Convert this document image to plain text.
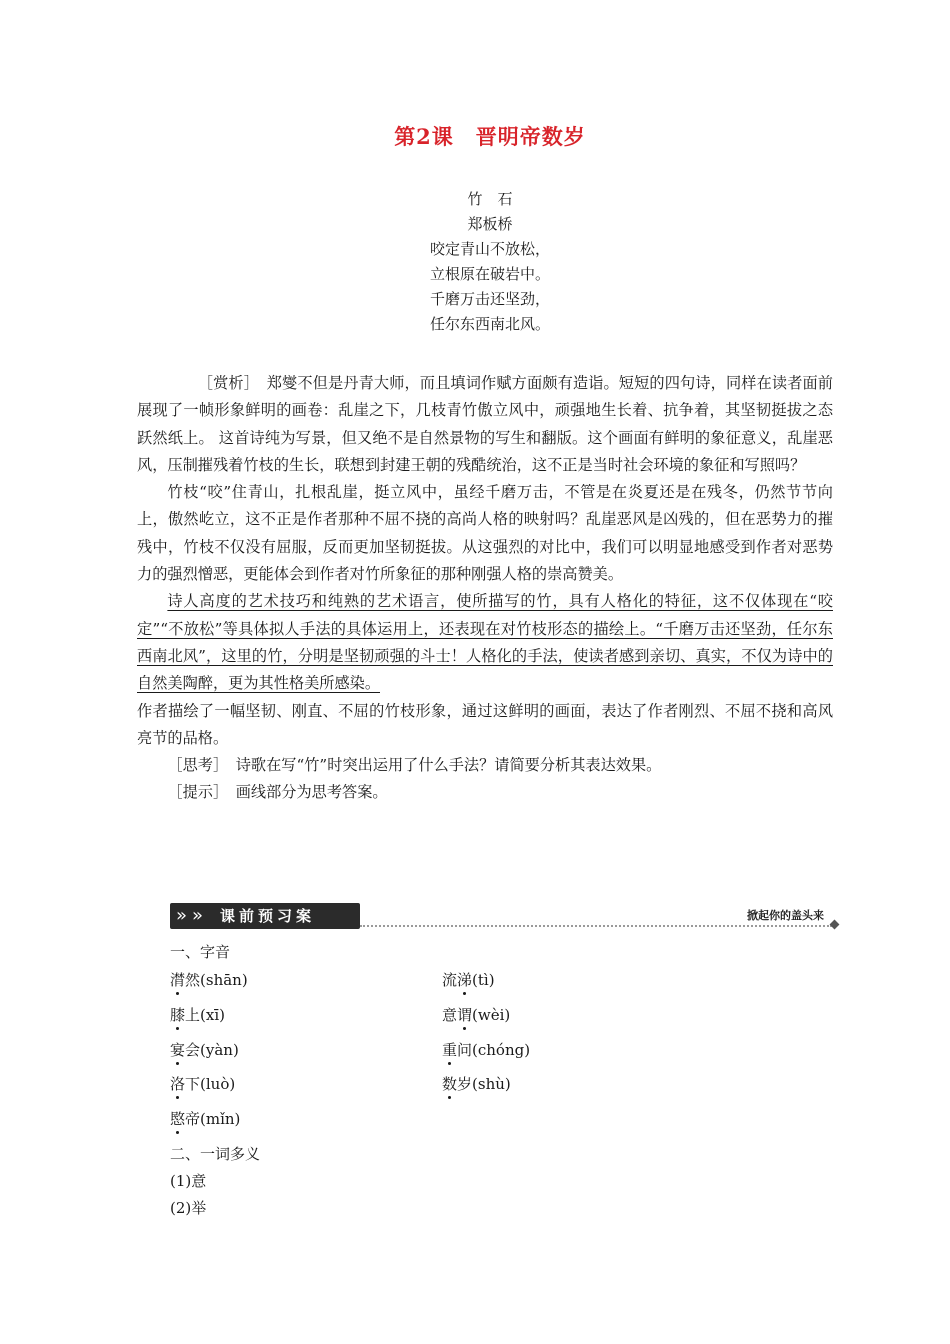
第2课　晋明帝数岁
竹　石
郑板桥
咬定青山不放松，
立根原在破岩中。
千磨万击还坚劲，
任尔东西南北风。

［赏析］　郑燮不但是丹青大师，而且填词作赋方面颇有造诣。短短的四句诗，同样在读者面前展现了一帧形象鲜明的画卷：乱崖之下，几枝青竹傲立风中，顽强地生长着、抗争着，其坚韧挺拔之态跃然纸上。 这首诗纯为写景，但又绝不是自然景物的写生和翻版。这个画面有鲜明的象征意义，乱崖恶风，压制摧残着竹枝的生长，联想到封建王朝的残酷统治，这不正是当时社会环境的象征和写照吗？

竹枝“咬”住青山，扎根乱崖，挺立风中，虽经千磨万击，不管是在炎夏还是在残冬，仍然节节向上，傲然屹立，这不正是作者那种不屈不挠的高尚人格的映射吗？乱崖恶风是凶残的，但在恶势力的摧残中，竹枝不仅没有屈服，反而更加坚韧挺拔。从这强烈的对比中，我们可以明显地感受到作者对恶势力的强烈憎恶，更能体会到作者对竹所象征的那种刚强人格的崇高赞美。

诗人高度的艺术技巧和纯熟的艺术语言，使所描写的竹，具有人格化的特征，这不仅体现在“咬定”“不放松”等具体拟人手法的具体运用上，还表现在对竹枝形态的描绘上。“千磨万击还坚劲，任尔东西南北风”，这里的竹，分明是坚韧顽强的斗士！人格化的手法，使读者感到亲切、真实，不仅为诗中的自然美陶醉，更为其性格美所感染。

作者描绘了一幅坚韧、刚直、不屈的竹枝形象，通过这鲜明的画面，表达了作者刚烈、不屈不挠和高风亮节的品格。

［思考］　诗歌在写“竹”时突出运用了什么手法？请简要分析其表达效果。

［提示］　画线部分为思考答案。

» » 课前预习案	掀起你的盖头来
一、字音
潸然(shān)	流涕(tì)
膝上(xī)	意谓(wèi)
宴会(yàn)	重问(chóng)
洛下(luò)	数岁(shù)
愍帝(mǐn)
二、一词多义
(1)意
(2)举
